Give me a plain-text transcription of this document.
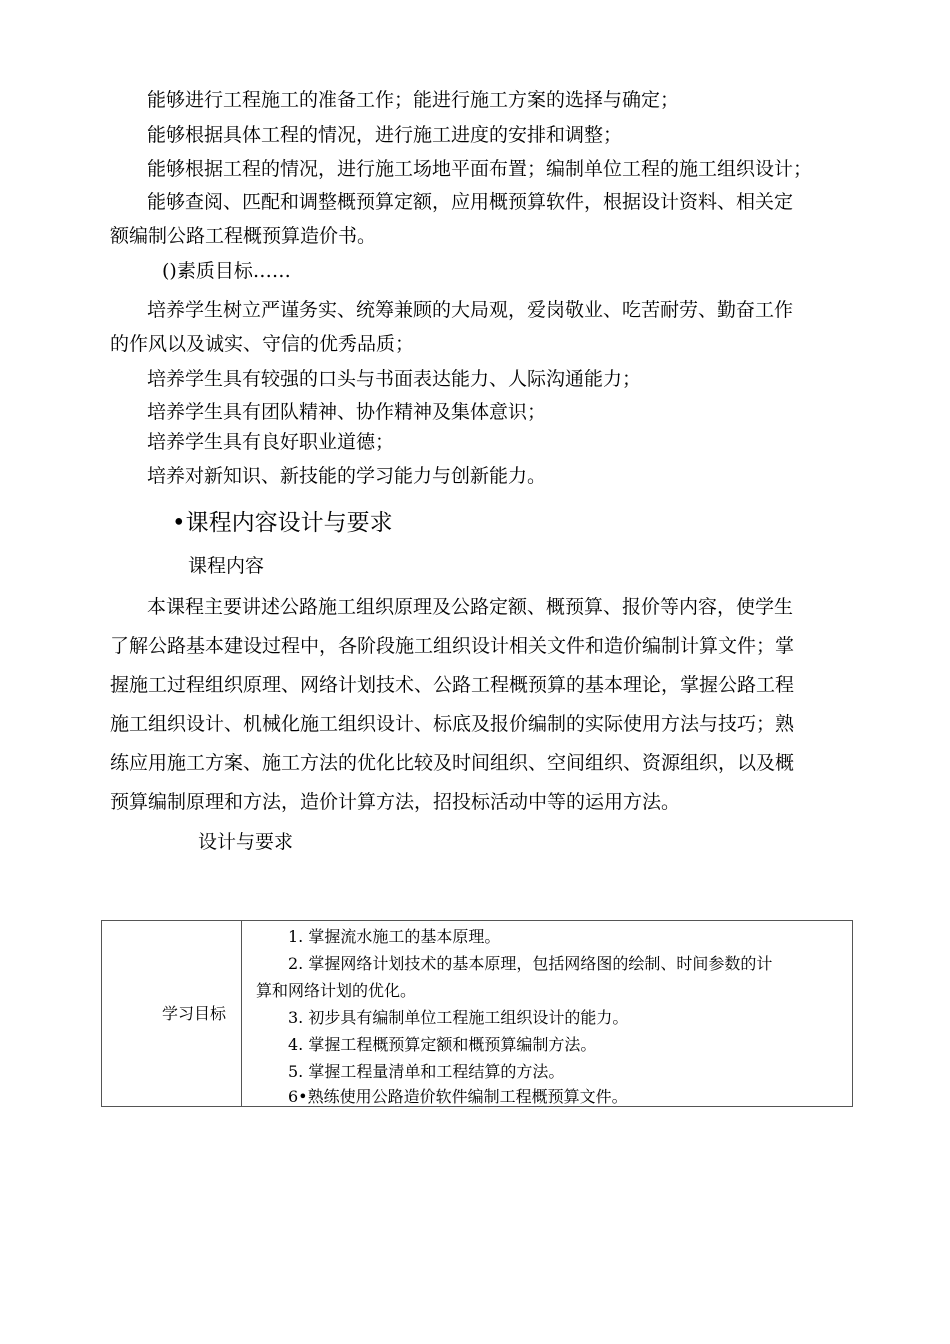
能够进行工程施工的准备工作；能进行施工方案的选择与确定；
能够根据具体工程的情况，进行施工进度的安排和调整；
能够根据工程的情况，进行施工场地平面布置；编制单位工程的施工组织设计；
能够查阅、匹配和调整概预算定额，应用概预算软件，根据设计资料、相关定
额编制公路工程概预算造价书。
()素质目标……
培养学生树立严谨务实、统筹兼顾的大局观，爱岗敬业、吃苦耐劳、勤奋工作
的作风以及诚实、守信的优秀品质；
培养学生具有较强的口头与书面表达能力、人际沟通能力；
培养学生具有团队精神、协作精神及集体意识；
培养学生具有良好职业道德；
培养对新知识、新技能的学习能力与创新能力。
•课程内容设计与要求
课程内容
本课程主要讲述公路施工组织原理及公路定额、概预算、报价等内容，使学生
了解公路基本建设过程中，各阶段施工组织设计相关文件和造价编制计算文件；掌
握施工过程组织原理、网络计划技术、公路工程概预算的基本理论，掌握公路工程
施工组织设计、机械化施工组织设计、标底及报价编制的实际使用方法与技巧；熟
练应用施工方案、施工方法的优化比较及时间组织、空间组织、资源组织，以及概
预算编制原理和方法，造价计算方法，招投标活动中等的运用方法。
设计与要求
学习目标
1. 掌握流水施工的基本原理。
2. 掌握网络计划技术的基本原理，包括网络图的绘制、时间参数的计
算和网络计划的优化。
3. 初步具有编制单位工程施工组织设计的能力。
4. 掌握工程概预算定额和概预算编制方法。
5. 掌握工程量清单和工程结算的方法。
6•熟练使用公路造价软件编制工程概预算文件。
